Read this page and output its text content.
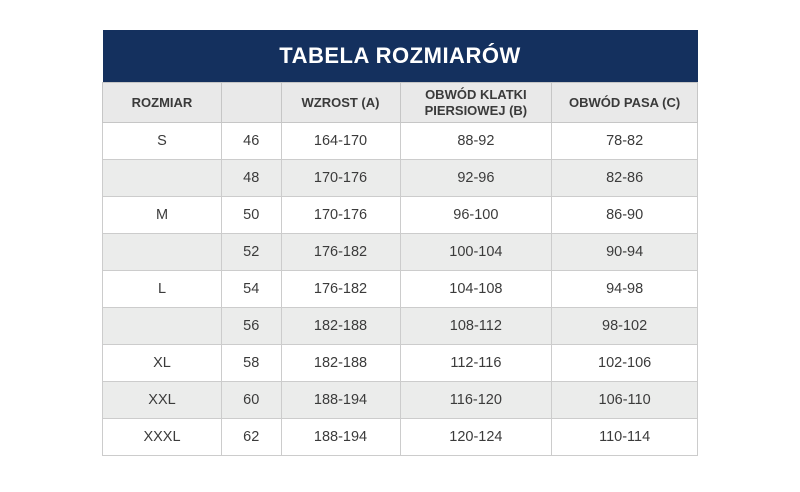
TABELA ROZMIARÓW				
ROZMIAR		WZROST (A)	OBWÓD KLATKI PIERSIOWEJ (B)	OBWÓD PASA (C)
S	46	164-170	88-92	78-82
	48	170-176	92-96	82-86
M	50	170-176	96-100	86-90
	52	176-182	100-104	90-94
L	54	176-182	104-108	94-98
	56	182-188	108-112	98-102
XL	58	182-188	112-116	102-106
XXL	60	188-194	116-120	106-110
XXXL	62	188-194	120-124	110-114
